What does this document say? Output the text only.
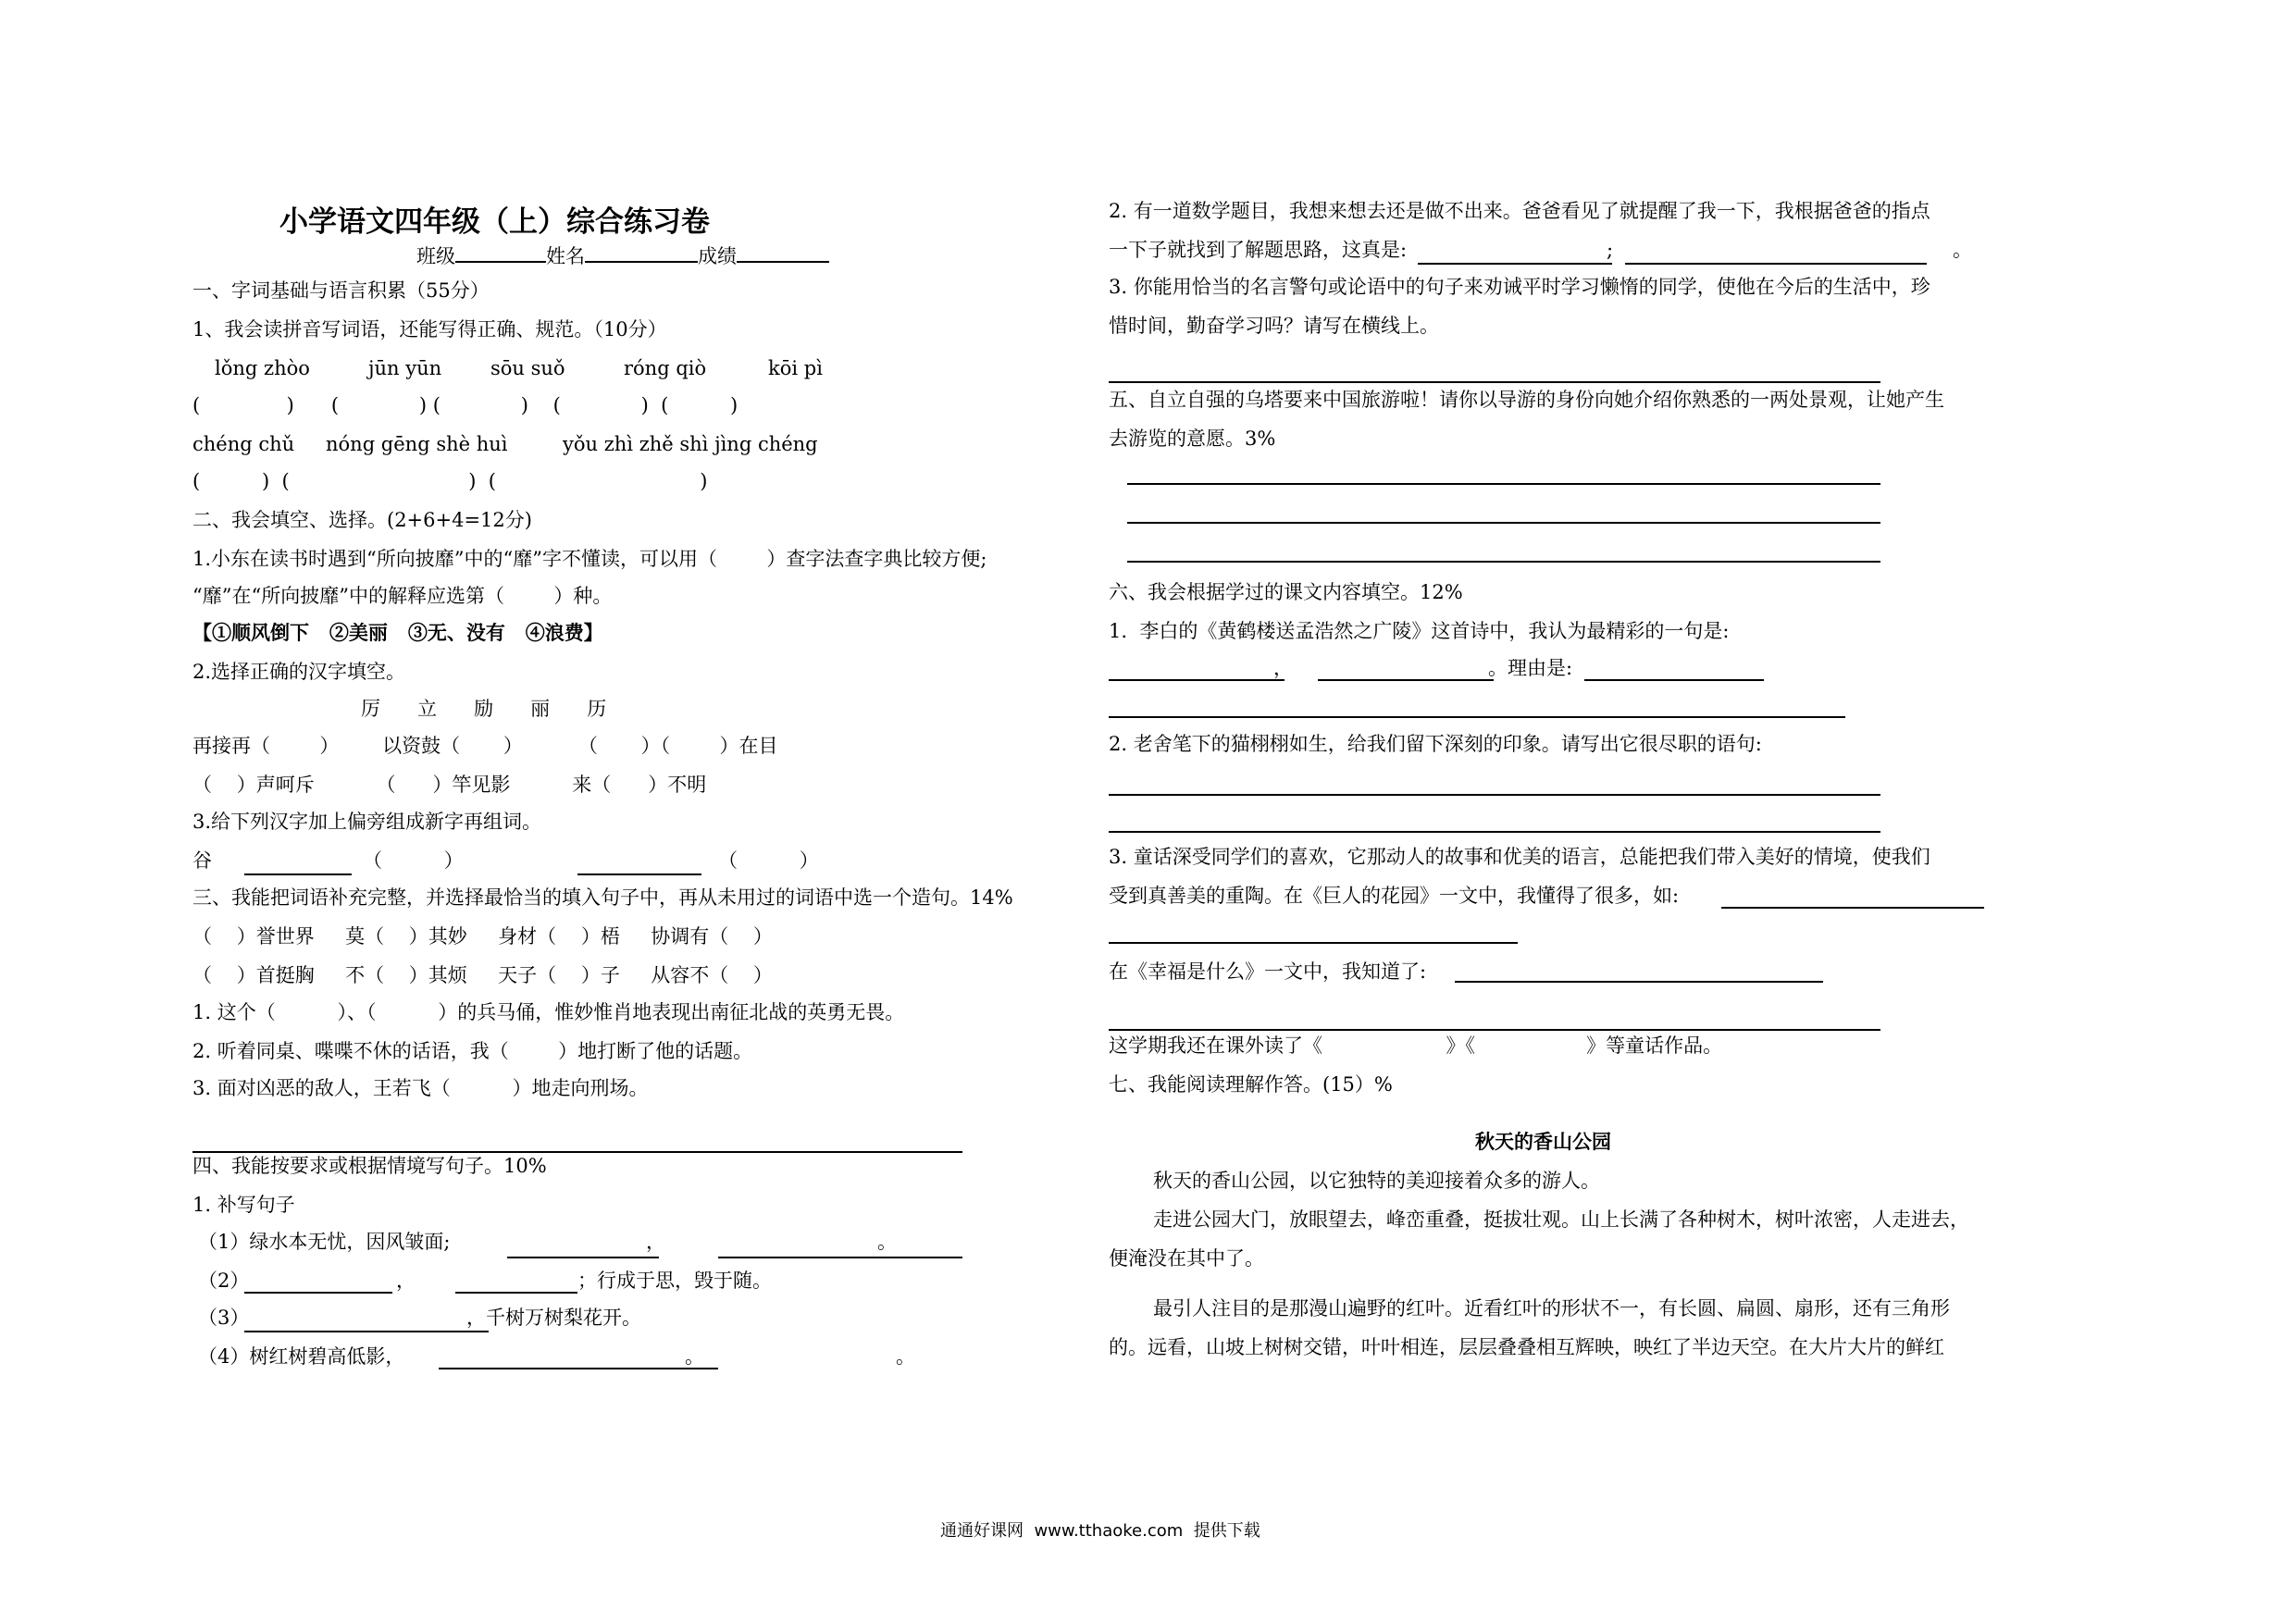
小学语文四年级（上）综合练习卷
班级	姓名	成绩
一、字词基础与语言积累（55分）
1、我会读拼音写词语，还能写得正确、规范。（10分）
lǒng zhòo	jūn yūn	sōu suǒ	róng qiò	kōi pì
(              )      (             ) (             )    (             )  (          )
chéng chǔ nóng gēng shè huì	yǒu zhì zhě shì jìng chéng
(          )  (                             )  (                                 )
二、我会填空、选择。(2+6+4=12分)
1.小东在读书时遇到“所向披靡”中的“靡”字不懂读，可以用（        ）查字法查字典比较方便;
“靡”在“所向披靡”中的解释应选第（        ）种。
【①顺风倒下   ②美丽   ③无、没有   ④浪费】
2.选择正确的汉字填空。
厉      立      励      丽      历
再接再（        ）       以资鼓（       ）         （       ）（        ）在目
（    ）声呵斥          （      ）竿见影          来（      ）不明
3.给下列汉字加上偏旁组成新字再组词。
谷	（          ）	（          ）
三、我能把词语补充完整，并选择最恰当的填入句子中，再从未用过的词语中选一个造句。14%
（    ）誉世界     莫（    ）其妙     身材（    ）梧     协调有（    ）
（    ）首挺胸     不（    ）其烦     天子（    ）子     从容不（    ）
1. 这个（          ）、（          ）的兵马俑，惟妙惟肖地表现出南征北战的英勇无畏。
2. 听着同桌、喋喋不休的话语，我（        ）地打断了他的话题。
3. 面对凶恶的敌人，王若飞（          ）地走向刑场。
四、我能按要求或根据情境写句子。10%
1. 补写句子
（1）绿水本无忧，因风皱面;	，	。
（2）	，	；行成于思，毁于随。
（3）	，千树万树梨花开。
（4）树红树碧高低影，	。	。
2. 有一道数学题目，我想来想去还是做不出来。爸爸看见了就提醒了我一下，我根据爸爸的指点
一下子就找到了解题思路，这真是:	;	。
3. 你能用恰当的名言警句或论语中的句子来劝诫平时学习懒惰的同学，使他在今后的生活中，珍
惜时间，勤奋学习吗？请写在横线上。
五、自立自强的乌塔要来中国旅游啦！请你以导游的身份向她介绍你熟悉的一两处景观，让她产生
去游览的意愿。3%
六、我会根据学过的课文内容填空。12%
1.  李白的《黄鹤楼送孟浩然之广陵》这首诗中，我认为最精彩的一句是:
，	。理由是:
2. 老舍笔下的猫栩栩如生，给我们留下深刻的印象。请写出它很尽职的语句:
3. 童话深受同学们的喜欢，它那动人的故事和优美的语言，总能把我们带入美好的情境，使我们
受到真善美的重陶。在《巨人的花园》一文中，我懂得了很多，如:
在《幸福是什么》一文中，我知道了:
这学期我还在课外读了《                    》《                  》等童话作品。
七、我能阅读理解作答。(15）%
秋天的香山公园
秋天的香山公园，以它独特的美迎接着众多的游人。
走进公园大门，放眼望去，峰峦重叠，挺拔壮观。山上长满了各种树木，树叶浓密，人走进去，
便淹没在其中了。
最引人注目的是那漫山遍野的红叶。近看红叶的形状不一，有长圆、扁圆、扇形，还有三角形
的。远看，山坡上树树交错，叶叶相连，层层叠叠相互辉映，映红了半边天空。在大片大片的鲜红
通通好课网  www.tthaoke.com  提供下载
